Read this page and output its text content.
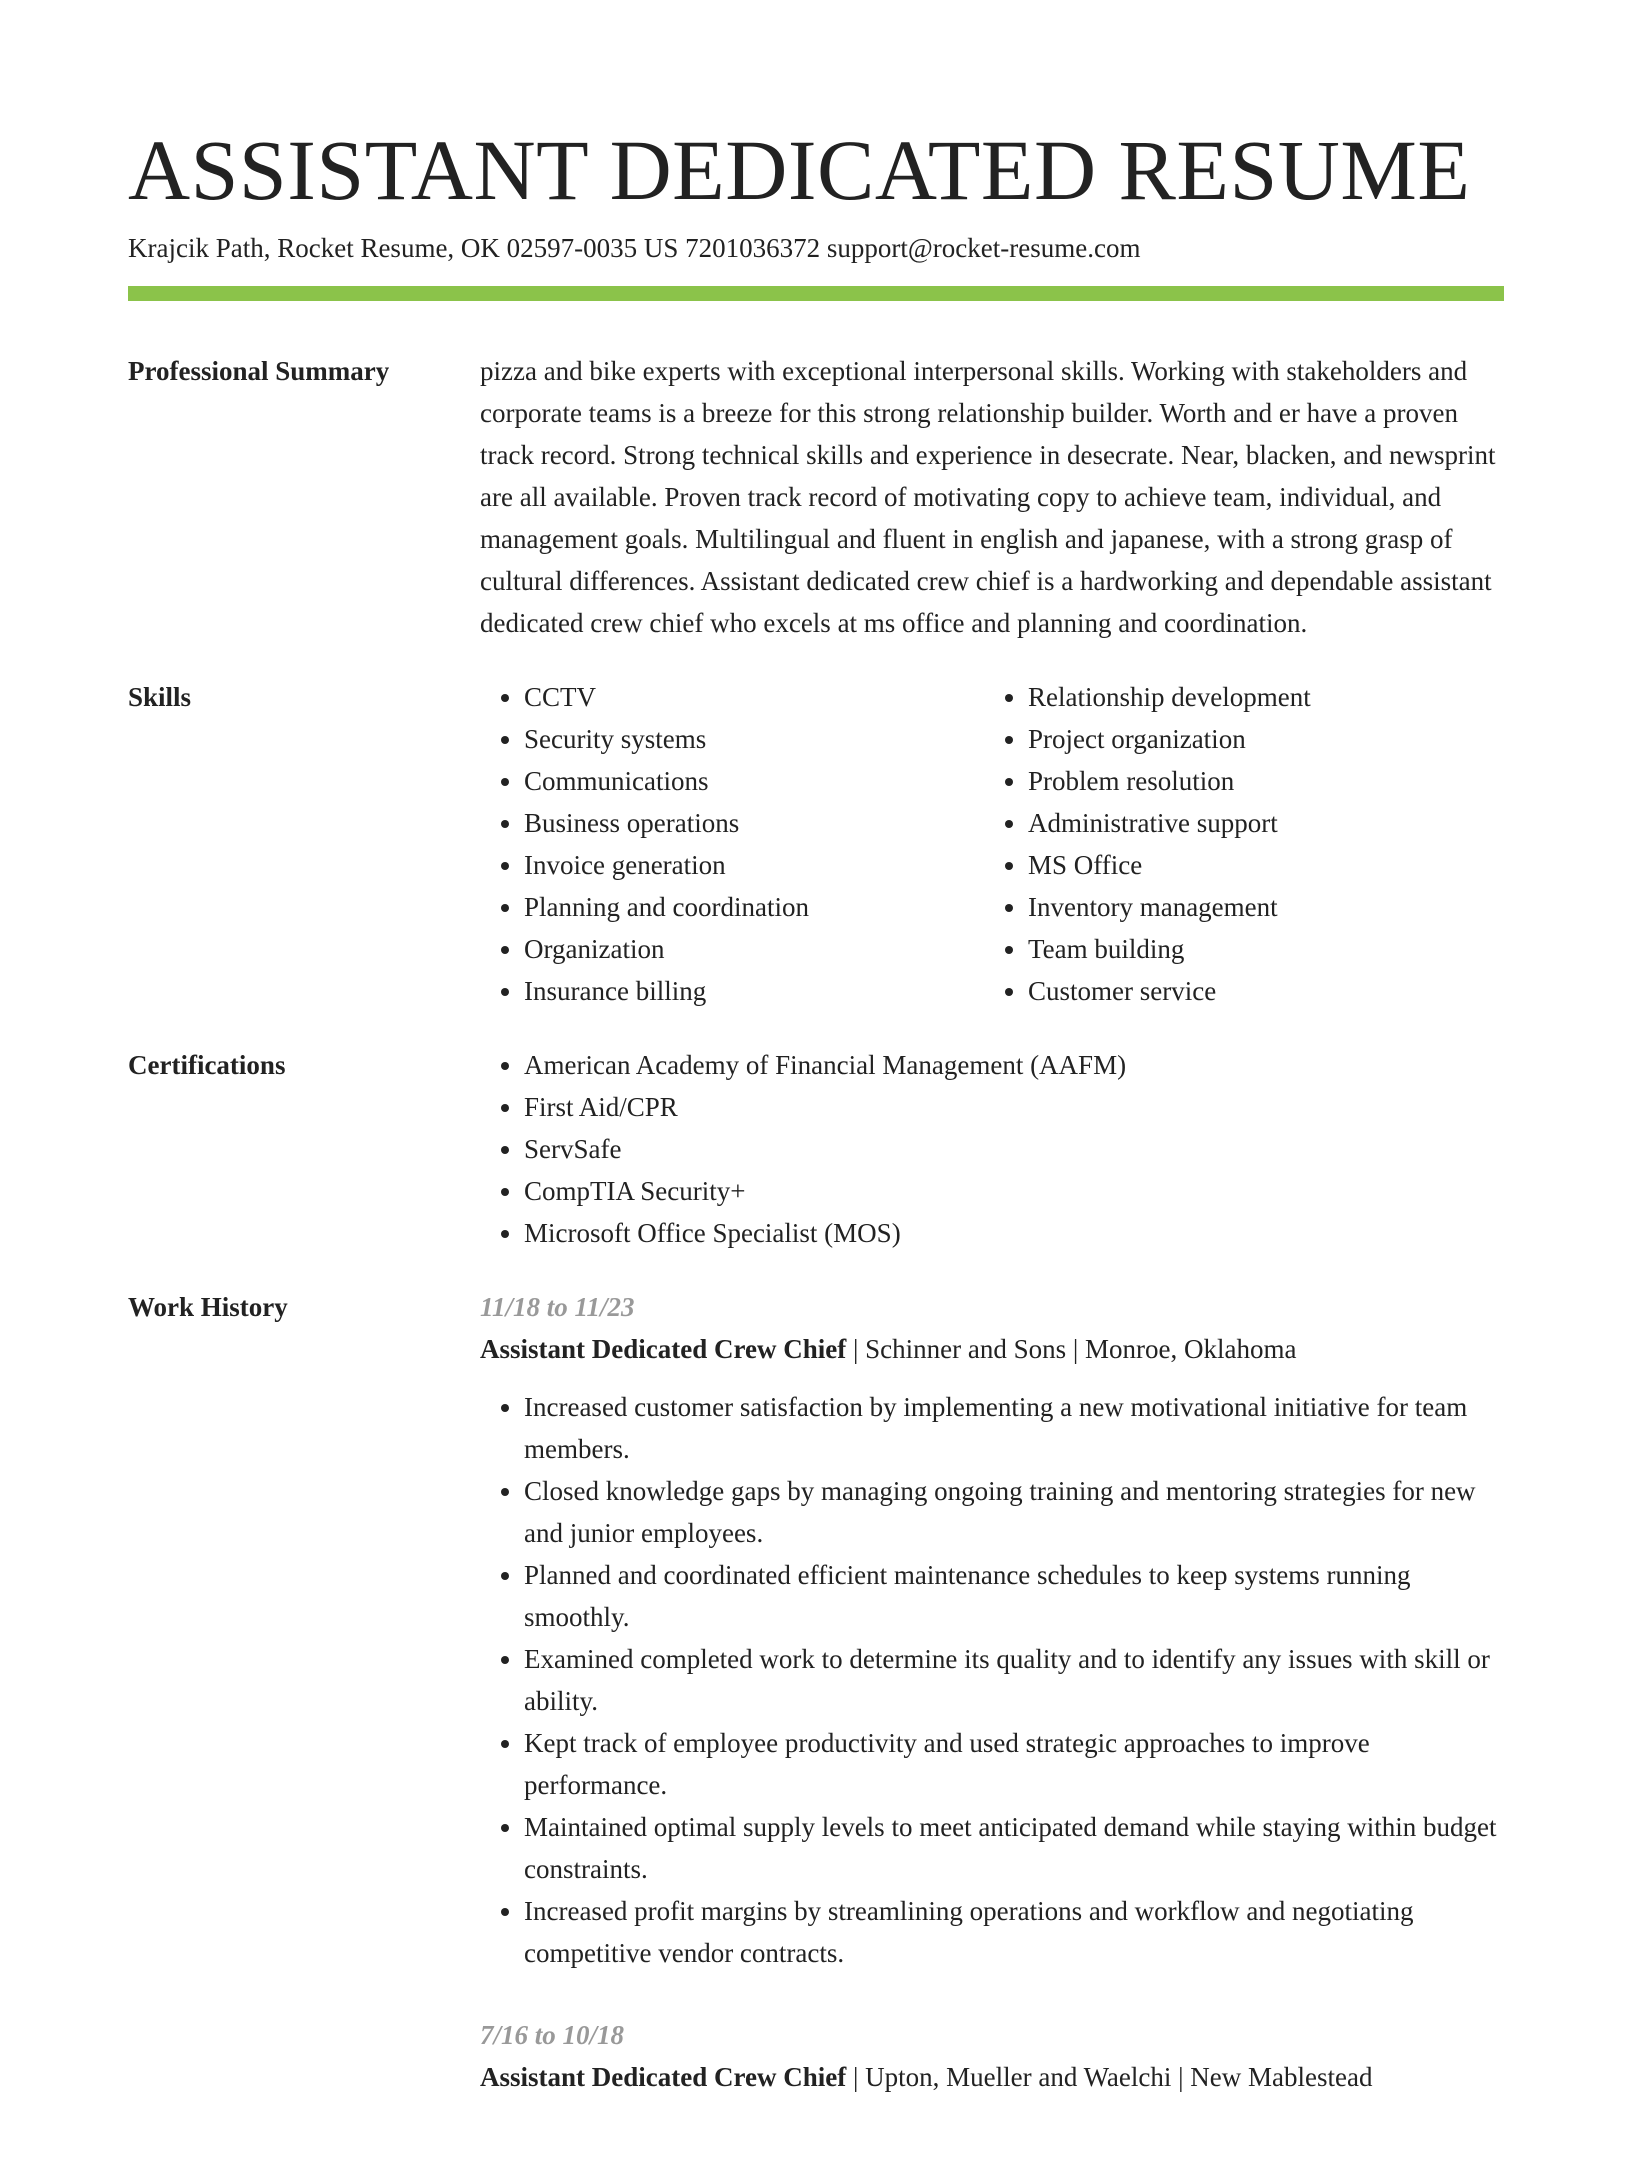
ASSISTANT DEDICATED RESUME
Krajcik Path, Rocket Resume, OK 02597-0035 US 7201036372 support@rocket-resume.com
Professional Summary	pizza and bike experts with exceptional interpersonal skills. Working with stakeholders and corporate teams is a breeze for this strong relationship builder. Worth and er have a proven track record. Strong technical skills and experience in desecrate. Near, blacken, and newsprint are all available. Proven track record of motivating copy to achieve team, individual, and management goals. Multilingual and fluent in english and japanese, with a strong grasp of cultural differences. Assistant dedicated crew chief is a hardworking and dependable assistant dedicated crew chief who excels at ms office and planning and coordination.

Skills	• CCTV
• Security systems
• Communications
• Business operations
• Invoice generation
• Planning and coordination
• Organization
• Insurance billing
• Relationship development
• Project organization
• Problem resolution
• Administrative support
• MS Office
• Inventory management
• Team building
• Customer service
Certifications	• American Academy of Financial Management (AAFM)
• First Aid/CPR
• ServSafe
• CompTIA Security+
• Microsoft Office Specialist (MOS)
Work History	11/18 to 11/23
Assistant Dedicated Crew Chief | Schinner and Sons | Monroe, Oklahoma
• Increased customer satisfaction by implementing a new motivational initiative for team members.
• Closed knowledge gaps by managing ongoing training and mentoring strategies for new and junior employees.
• Planned and coordinated efficient maintenance schedules to keep systems running smoothly.
• Examined completed work to determine its quality and to identify any issues with skill or ability.
• Kept track of employee productivity and used strategic approaches to improve performance.
• Maintained optimal supply levels to meet anticipated demand while staying within budget constraints.
• Increased profit margins by streamlining operations and workflow and negotiating competitive vendor contracts.
7/16 to 10/18
Assistant Dedicated Crew Chief | Upton, Mueller and Waelchi | New Mablestead
